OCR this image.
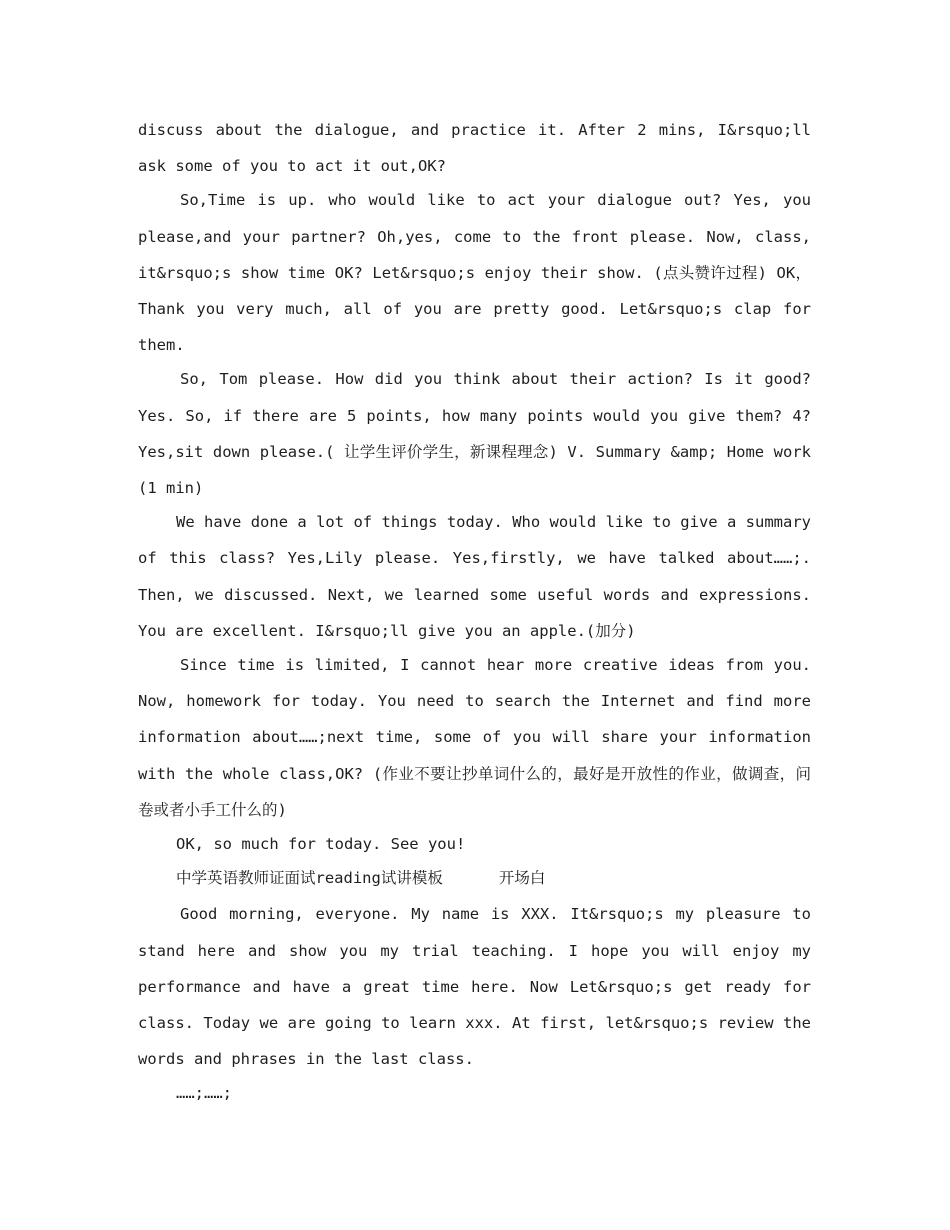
discuss about the dialogue, and practice it. After 2 mins, I&rsquo;ll ask some of you to act it out,OK?

So,Time is up. who would like to act your dialogue out? Yes, you please,and your partner? Oh,yes, come to the front please. Now, class, it&rsquo;s show time OK? Let&rsquo;s enjoy their show. (点头赞许过程) OK， Thank you very much, all of you are pretty good. Let&rsquo;s clap for them.

So, Tom please. How did you think about their action? Is it good? Yes. So, if there are 5 points, how many points would you give them? 4? Yes,sit down please.( 让学生评价学生，新课程理念) V. Summary &amp; Home work (1 min)

We have done a lot of things today. Who would like to give a summary of this class? Yes,Lily please. Yes,firstly, we have talked about……;. Then, we discussed. Next, we learned some useful words and expressions. You are excellent. I&rsquo;ll give you an apple.(加分)

Since time is limited, I cannot hear more creative ideas from you. Now, homework for today. You need to search the Internet and find more information about……;next time, some of you will share your information with the whole class,OK? (作业不要让抄单词什么的，最好是开放性的作业，做调查，问卷或者小手工什么的)

OK, so much for today. See you!

中学英语教师证面试reading试讲模板      开场白

Good morning, everyone. My name is XXX. It&rsquo;s my pleasure to stand here and show you my trial teaching. I hope you will enjoy my performance and have a great time here. Now Let&rsquo;s get ready for class. Today we are going to learn xxx. At first, let&rsquo;s review the words and phrases in the last class.

……;……;
